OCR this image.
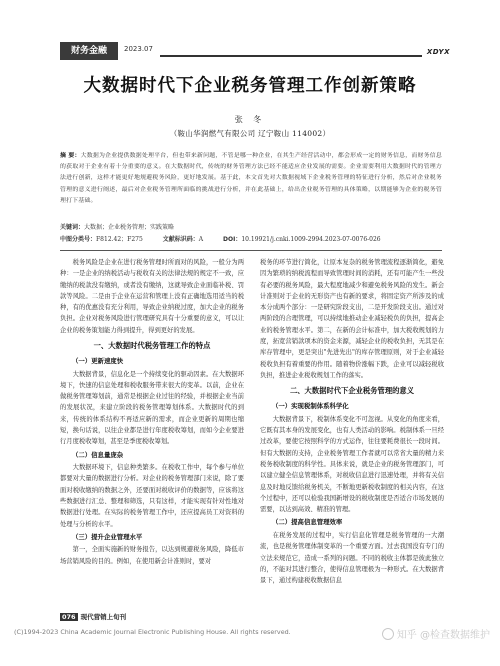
财务金融	2023.07	XDYX
大数据时代下企业税务管理工作创新策略
张 冬
（鞍山华润燃气有限公司 辽宁鞍山 114002）
摘 要：大数据为企业提供数据处理平台，但也带来新问题，不管是哪一种企业，在其生产经营活动中，都会形成一定的财务信息，而财务信息的获取对于企业有着十分重要的意义。在大数据时代，传统的财务管理方法已经不能适应企业发展的需要。企业需要利用大数据时代的管理方法进行创新，这样才能更好地规避税务风险，更好地发展。基于此，本文首先对大数据视域下企业税务管理的特征进行分析，然后对企业税务管理的意义进行阐述，最后对企业税务管理所面临的挑战进行分析，并在此基础上，给出企业税务管理的具体策略，以期能够为企业的税务管理打下基础。
关键词：大数据；企业税务管理；实践策略
中图分类号：F812.42；F275	文献标识码：A	DOI：10.19921/j.cnki.1009-2994.2023-07-0076-026

税务风险是企业在进行税务管理时所面对的风险，一般分为两种：一是企业的纳税活动与税收有关的法律法规的规定不一致，应缴纳的税款没有缴纳，或者没有缴纳，这就导致企业面临补税、罚款等风险。二是由于企业在运营和管理上没有正确地选用适当的税种，有的优惠没有充分利用，导致企业纳税过度，加大企业的税务负担。企业对税务风险进行管理研究具有十分重要的意义，可以让企业的税务策划能力得到提升，得到更好的发展。

一、大数据时代税务管理工作的特点
（一）更新速度快

大数据背景，信息化是一个持续变化的驱动因素。在大数据环境下，快速的信息处理和税收服务带来很大的变革。以前，企业在做税务管理筹划前，通常是根据企业过往的经验，并根据企业当前的发展状况，来建立阶段的税务管理筹划体系。大数据时代的到来，传统的体系结构不再适应新的需求，而企业更新的周期也缩短，换句话说，以往企业都是进行年度税收筹划，而如今企业要进行月度税收筹划，甚至是季度税收筹划。

（二）信息量庞杂

大数据环境下，信息种类繁多。在税收工作中，每个参与单位都要对大量的数据进行分析。对企业的税务管理部门来说，除了要面对税收缴纳的数据之外，还要面对税收评价的数据等，应该将这些数据进行汇总、整理和筛选，只有这样，才能实现有针对性地对数据进行处理。在实际的税务管理工作中，还应提高员工对资料的处理与分析的水平。

（三）提升企业管理水平

第一，全面实施新的财务报告，以达到规避税务风险，降低市场营销风险的目的。例如，在使用新会计准则时，要对

税务的环节进行简化，让原本复杂的税务管理流程逐渐简化，避免因为繁琐的纳税流程而导致管理时间的消耗，还有可能产生一些没有必要的税务风险，最大程度地减少和避免税务风险的发生。新会计准则对于企业的无形资产也有新的要求，将固定资产所涉及的成本分成两个部分：一是研究阶段支出，二是开发阶段支出。通过对两阶段的合理管理，可以持续地推动企业减轻税负的负担，提高企业的税务管理水平。第二，在新的会计标准中，加大税收规划的力度，拓宽营销款项本的资金来源，减轻企业的税收负担，无其是在库存管理中，更是突出"先进先出"的库存管理原则，对于企业减轻税收负担有着重要的作用。随着物价涨幅下跌，企业可以减轻税收负担，推进企业税收规划工作的落实。

二、大数据时代下企业税务管理的意义
（一）实现税制体系科学化

大数据背景下，税制体系变化不可忽视。从变化的角度来看，它既有其本身的发展变化，也有人类活动的影响。税制体系一旦经过改革，要使它按照科学的方式运作，往往要耗费很长一段时间。但有大数据的支持，企业税务管理工作者就可以常省大量的精力来税务税收制度的科学性。具体来说，就是企业的税务管理部门，可以建立健全信息管理体系，对税收信息进行迅速处理，并将有关信息及时地反馈给税务机关，不断地更新税收制度的相关内容，在这个过程中，还可以检验我国新增设的税收制度是否适合市场发展的需要，以达到高效、精准的管理。

（二）提高信息管理效率

在税务发展的过程中，实行信息化管理是税务管理的一大潮流，也是税务管理体制变革的一个重要方面。过去我国没有专门的立法来规范它，造成一系列的问题。不同的税收主体都是彼此独立的，不能对其进行整合，使得信息管理极为一种形式。在大数据背景下，通过构建税收数据信息

076 现代营销上旬刊
(C)1994-2023 China Academic Journal Electronic Publishing House. All rights reserved.	知乎 @检查数据维护
